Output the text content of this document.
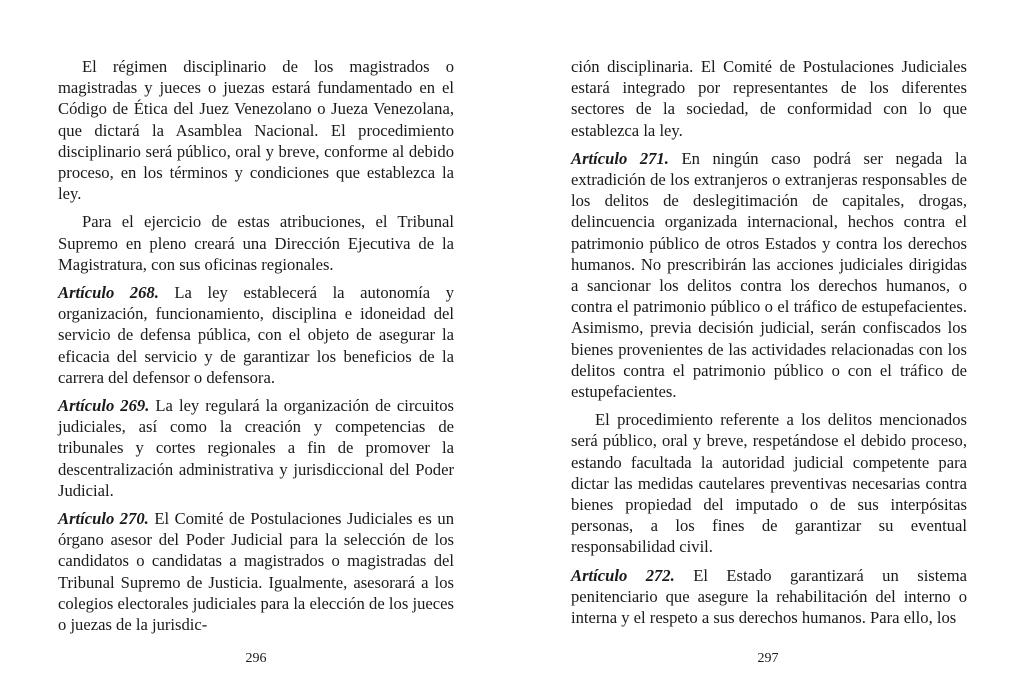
El régimen disciplinario de los magistrados o magistradas y jueces o juezas estará fundamentado en el Código de Ética del Juez Venezolano o Jueza Venezolana, que dictará la Asamblea Nacional. El procedimiento disciplinario será público, oral y breve, conforme al debido proceso, en los términos y condiciones que establezca la ley.

Para el ejercicio de estas atribuciones, el Tribunal Supremo en pleno creará una Dirección Ejecutiva de la Magistratura, con sus oficinas regionales.

Artículo 268. La ley establecerá la autonomía y organización, funcionamiento, disciplina e idoneidad del servicio de defensa pública, con el objeto de asegurar la eficacia del servicio y de garantizar los beneficios de la carrera del defensor o defensora.

Artículo 269. La ley regulará la organización de circuitos judiciales, así como la creación y competencias de tribunales y cortes regionales a fin de promover la descentralización administrativa y jurisdiccional del Poder Judicial.

Artículo 270. El Comité de Postulaciones Judiciales es un órgano asesor del Poder Judicial para la selección de los candidatos o candidatas a magistrados o magistradas del Tribunal Supremo de Justicia. Igualmente, asesorará a los colegios electorales judiciales para la elección de los jueces o juezas de la jurisdic-

ción disciplinaria. El Comité de Postulaciones Judiciales estará integrado por representantes de los diferentes sectores de la sociedad, de conformidad con lo que establezca la ley.

Artículo 271. En ningún caso podrá ser negada la extradición de los extranjeros o extranjeras responsables de los delitos de deslegitimación de capitales, drogas, delincuencia organizada internacional, hechos contra el patrimonio público de otros Estados y contra los derechos humanos. No prescribirán las acciones judiciales dirigidas a sancionar los delitos contra los derechos humanos, o contra el patrimonio público o el tráfico de estupefacientes. Asimismo, previa decisión judicial, serán confiscados los bienes provenientes de las actividades relacionadas con los delitos contra el patrimonio público o con el tráfico de estupefacientes.

El procedimiento referente a los delitos mencionados será público, oral y breve, respetándose el debido proceso, estando facultada la autoridad judicial competente para dictar las medidas cautelares preventivas necesarias contra bienes propiedad del imputado o de sus interpósitas personas, a los fines de garantizar su eventual responsabilidad civil.

Artículo 272. El Estado garantizará un sistema penitenciario que asegure la rehabilitación del interno o interna y el respeto a sus derechos humanos. Para ello, los

296	297
